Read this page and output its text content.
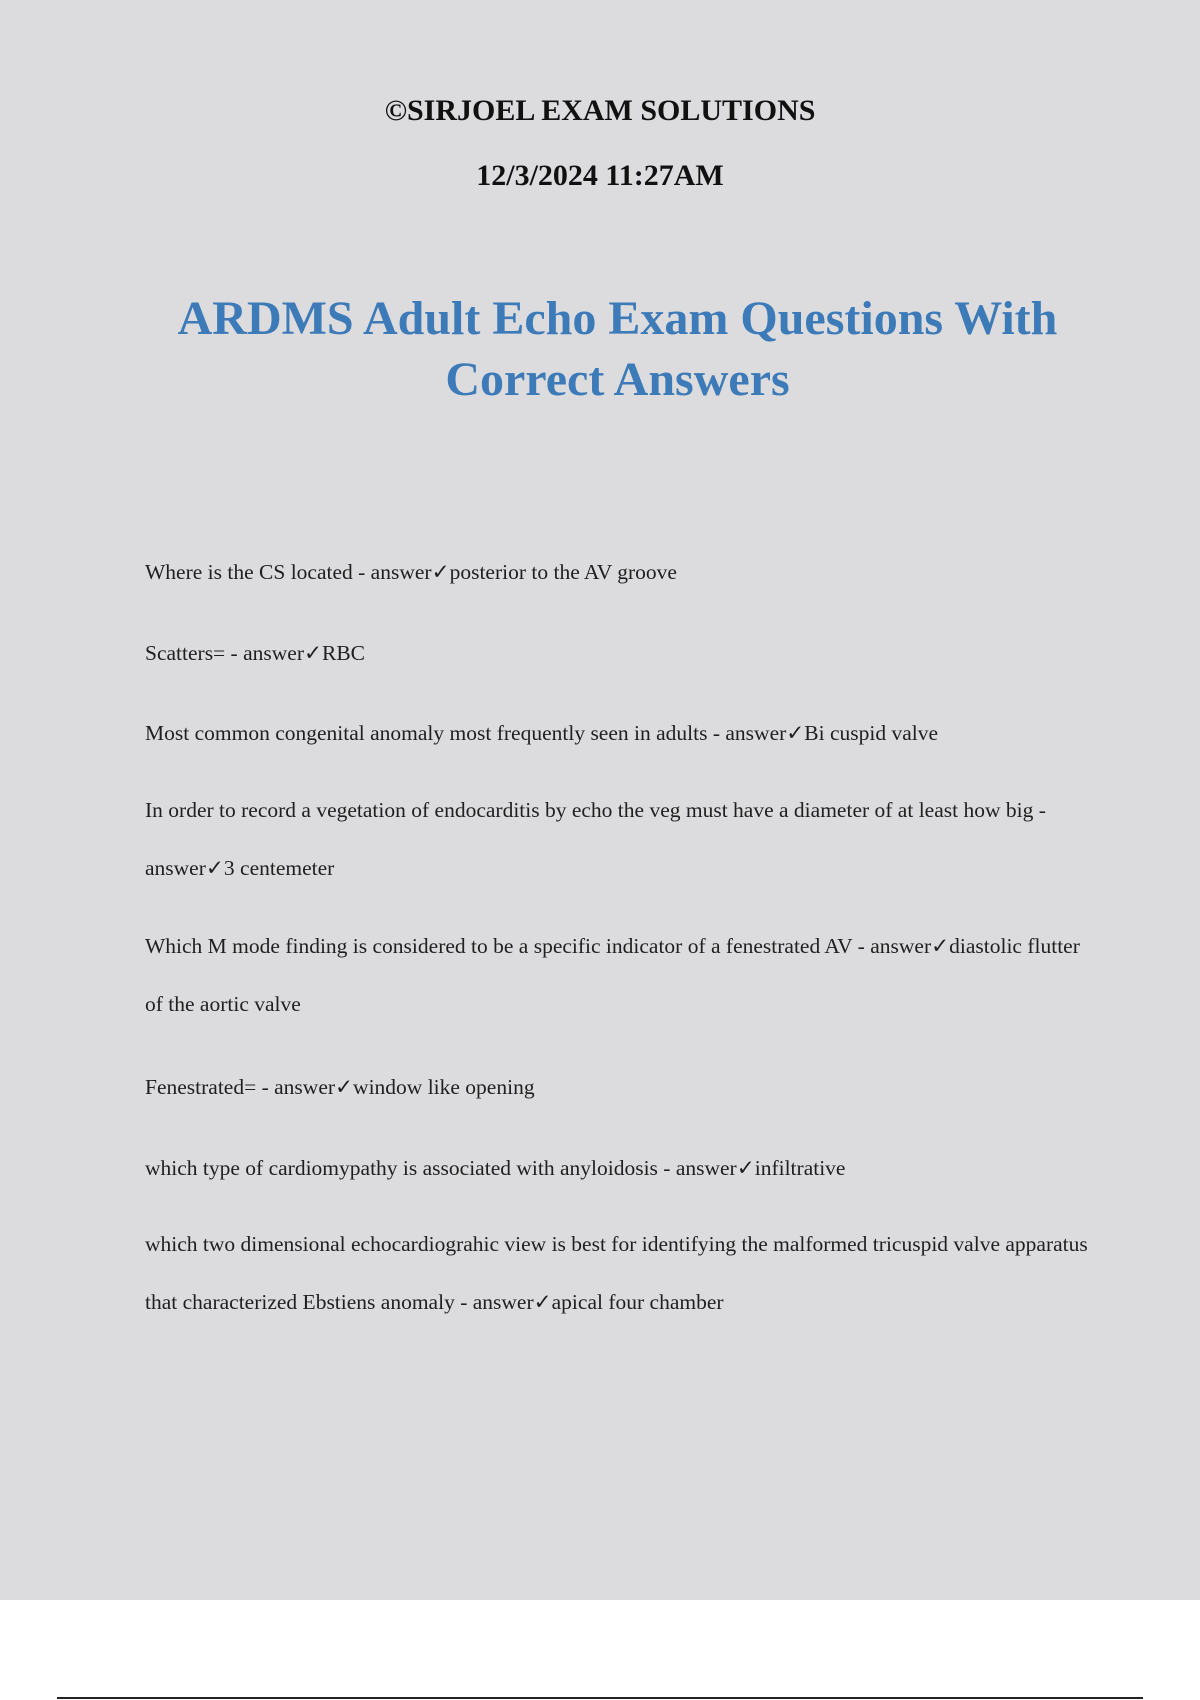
©SIRJOEL EXAM SOLUTIONS
12/3/2024 11:27AM
ARDMS Adult Echo Exam Questions With Correct Answers

Where is the CS located - answer✓posterior to the AV groove

Scatters= - answer✓RBC

Most common congenital anomaly most frequently seen in adults - answer✓Bi cuspid valve

In order to record a vegetation of endocarditis by echo the veg must have a diameter of at least how big - answer✓3 centemeter

Which M mode finding is considered to be a specific indicator of a fenestrated AV - answer✓diastolic flutter of the aortic valve

Fenestrated= - answer✓window like opening

which type of cardiomypathy is associated with anyloidosis - answer✓infiltrative

which two dimensional echocardiograhic view is best for identifying the malformed tricuspid valve apparatus that characterized Ebstiens anomaly - answer✓apical four chamber
